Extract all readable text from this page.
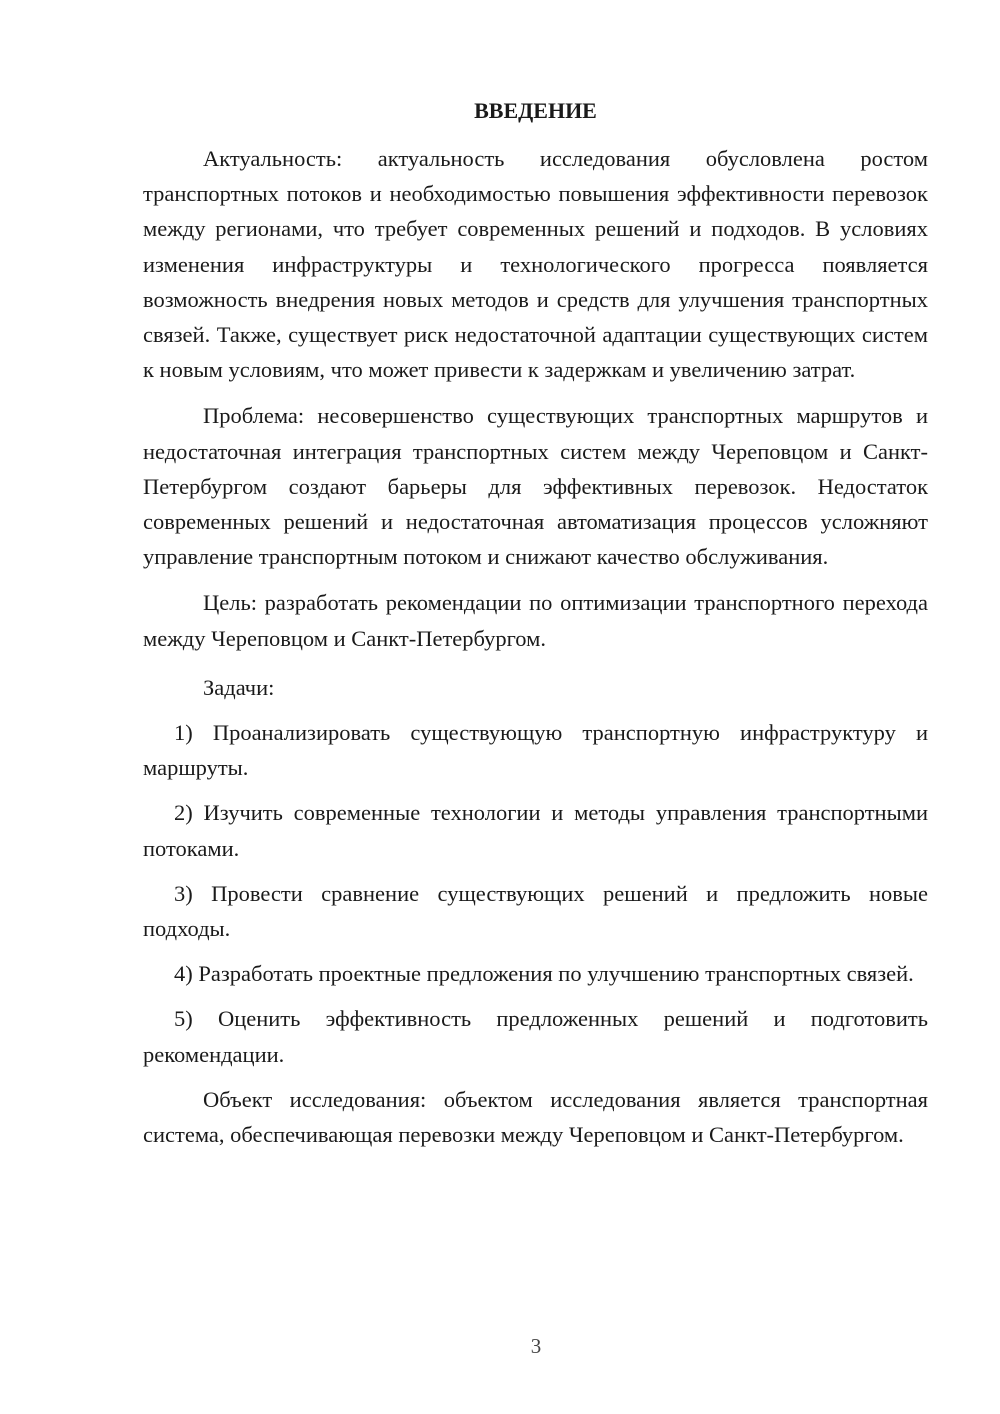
ВВЕДЕНИЕ

Актуальность: актуальность исследования обусловлена ростом транспортных потоков и необходимостью повышения эффективности перевозок между регионами, что требует современных решений и подходов. В условиях изменения инфраструктуры и технологического прогресса появляется возможность внедрения новых методов и средств для улучшения транспортных связей. Также, существует риск недостаточной адаптации существующих систем к новым условиям, что может привести к задержкам и увеличению затрат.

Проблема: несовершенство существующих транспортных маршрутов и недостаточная интеграция транспортных систем между Череповцом и Санкт-Петербургом создают барьеры для эффективных перевозок. Недостаток современных решений и недостаточная автоматизация процессов усложняют управление транспортным потоком и снижают качество обслуживания.

Цель: разработать рекомендации по оптимизации транспортного перехода между Череповцом и Санкт-Петербургом.

Задачи:

1) Проанализировать существующую транспортную инфраструктуру и маршруты.

2) Изучить современные технологии и методы управления транспортными потоками.

3) Провести сравнение существующих решений и предложить новые подходы.

4) Разработать проектные предложения по улучшению транспортных связей.

5) Оценить эффективность предложенных решений и подготовить рекомендации.

Объект исследования: объектом исследования является транспортная система, обеспечивающая перевозки между Череповцом и Санкт-Петербургом.

3
